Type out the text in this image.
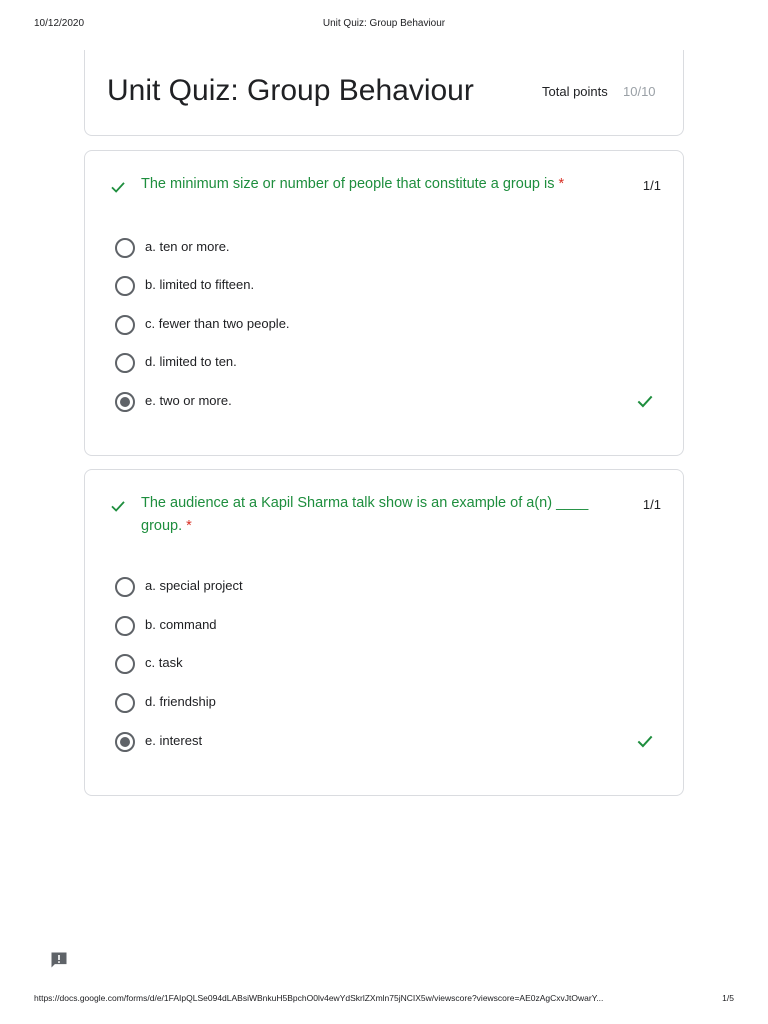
10/12/2020	Unit Quiz: Group Behaviour
Unit Quiz: Group Behaviour	Total points 10/10
The minimum size or number of people that constitute a group is *	1/1
a. ten or more.
b. limited to fifteen.
c. fewer than two people.
d. limited to ten.
e. two or more.
The audience at a Kapil Sharma talk show is an example of a(n) ____ group. *
1/1
a. special project
b. command
c. task
d. friendship
e. interest
https://docs.google.com/forms/d/e/1FAIpQLSe094dLABsiWBnkuH5BpchO0lv4ewYdSkrlZXmln75jNCIX5w/viewscore?viewscore=AE0zAgCxvJtOwarY...	1/5
